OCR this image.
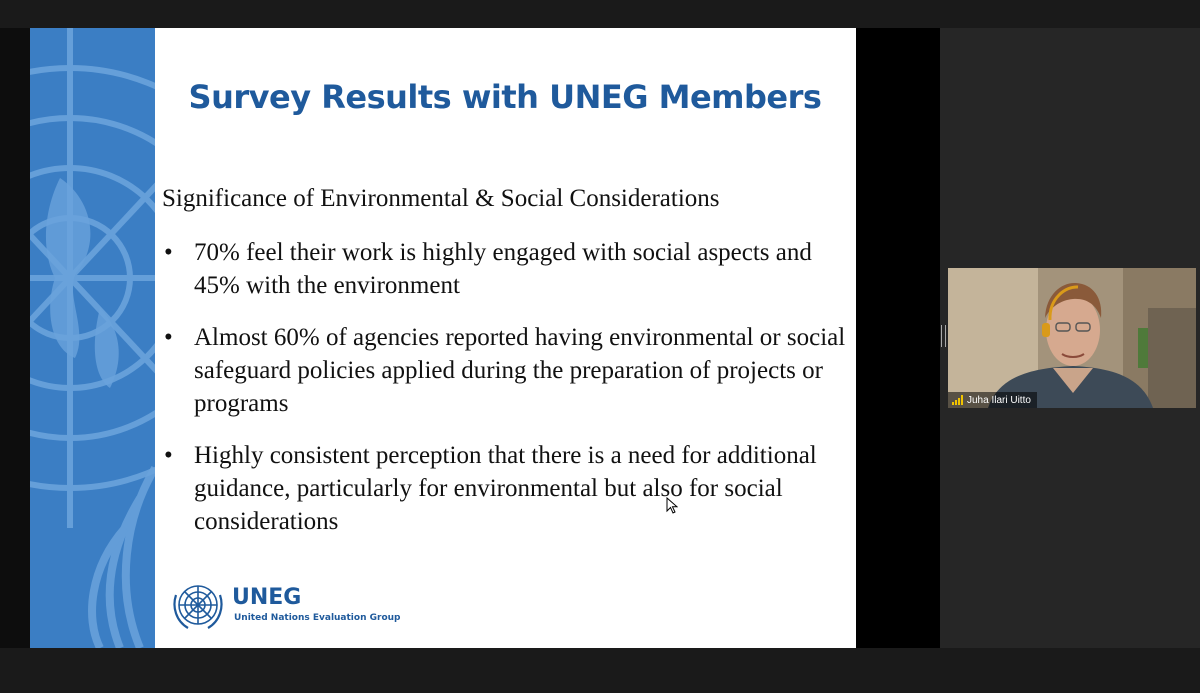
Survey Results with UNEG Members
Significance of Environmental & Social Considerations
• 70% feel their work is highly engaged with social aspects and 45% with the environment
• Almost 60% of agencies reported having environmental or social safeguard policies applied during the preparation of projects or programs
• Highly consistent perception that there is a need for additional guidance, particularly for environmental but also for social considerations
UNEG
United Nations Evaluation Group
Juha Ilari Uitto
